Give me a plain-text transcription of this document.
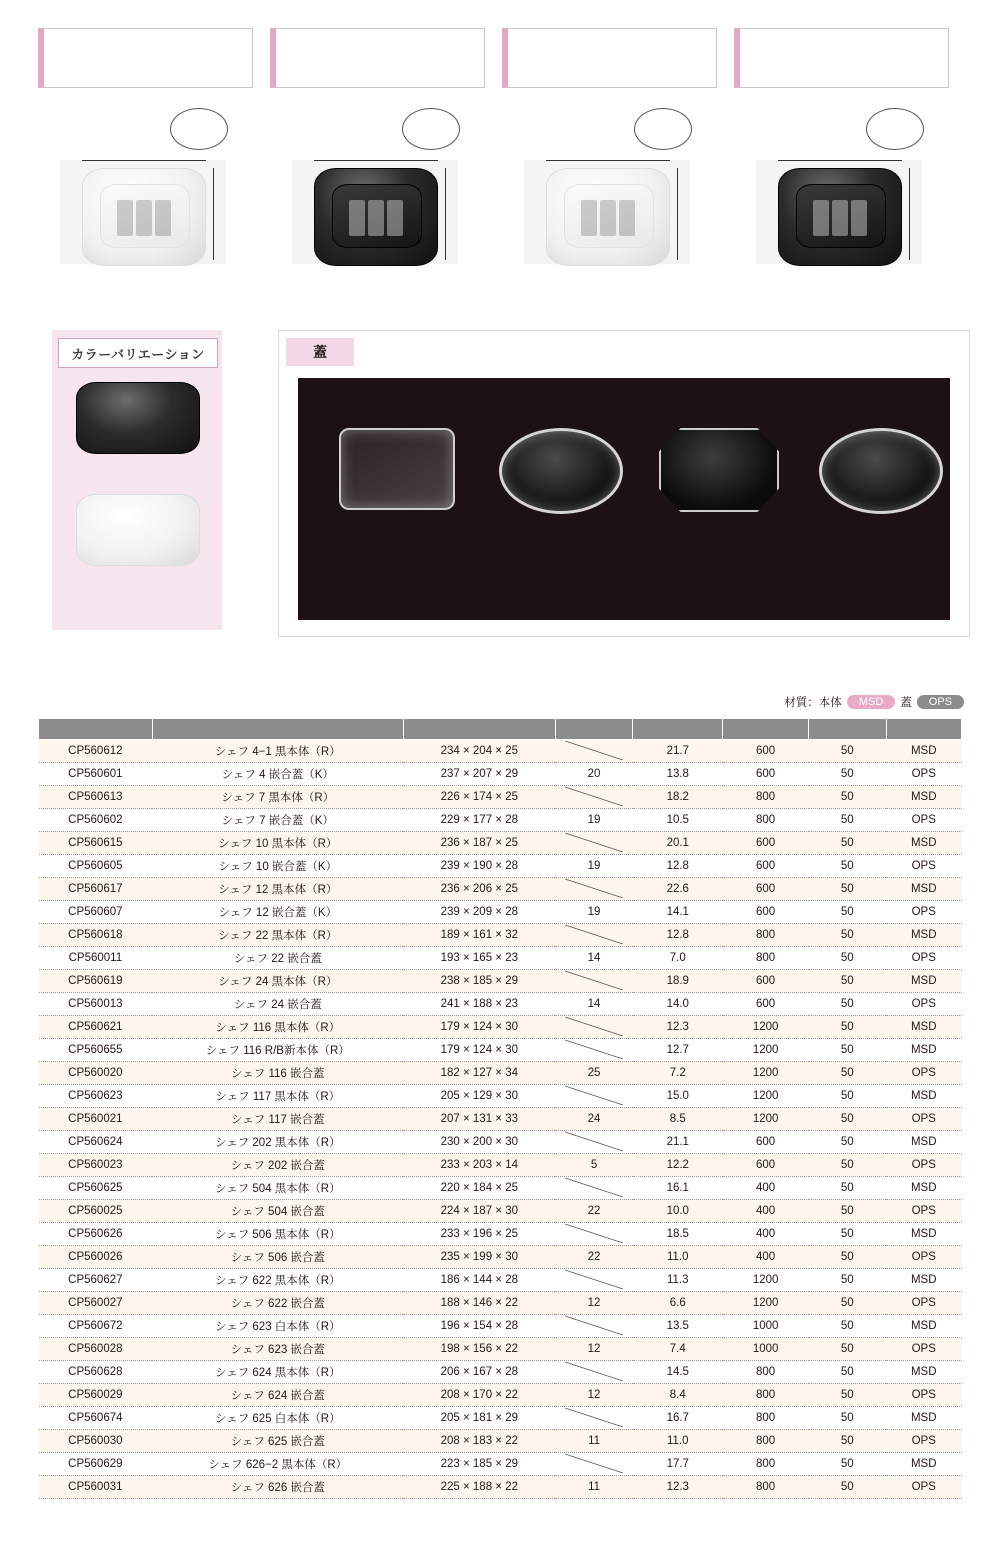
カラーバリエーション	蓋
材質：本体	MSD	蓋	OPS

CP560612	シェフ 4−1 黒本体（R）	234 × 204 × 25		21.7	600	50	MSD
CP560601	シェフ 4 嵌合蓋（K）	237 × 207 × 29	20	13.8	600	50	OPS
CP560613	シェフ 7 黒本体（R）	226 × 174 × 25		18.2	800	50	MSD
CP560602	シェフ 7 嵌合蓋（K）	229 × 177 × 28	19	10.5	800	50	OPS
CP560615	シェフ 10 黒本体（R）	236 × 187 × 25		20.1	600	50	MSD
CP560605	シェフ 10 嵌合蓋（K）	239 × 190 × 28	19	12.8	600	50	OPS
CP560617	シェフ 12 黒本体（R）	236 × 206 × 25		22.6	600	50	MSD
CP560607	シェフ 12 嵌合蓋（K）	239 × 209 × 28	19	14.1	600	50	OPS
CP560618	シェフ 22 黒本体（R）	189 × 161 × 32		12.8	800	50	MSD
CP560011	シェフ 22 嵌合蓋	193 × 165 × 23	14	7.0	800	50	OPS
CP560619	シェフ 24 黒本体（R）	238 × 185 × 29		18.9	600	50	MSD
CP560013	シェフ 24 嵌合蓋	241 × 188 × 23	14	14.0	600	50	OPS
CP560621	シェフ 116 黒本体（R）	179 × 124 × 30		12.3	1200	50	MSD
CP560655	シェフ 116 R/B新本体（R）	179 × 124 × 30		12.7	1200	50	MSD
CP560020	シェフ 116 嵌合蓋	182 × 127 × 34	25	7.2	1200	50	OPS
CP560623	シェフ 117 黒本体（R）	205 × 129 × 30		15.0	1200	50	MSD
CP560021	シェフ 117 嵌合蓋	207 × 131 × 33	24	8.5	1200	50	OPS
CP560624	シェフ 202 黒本体（R）	230 × 200 × 30		21.1	600	50	MSD
CP560023	シェフ 202 嵌合蓋	233 × 203 × 14	5	12.2	600	50	OPS
CP560625	シェフ 504 黒本体（R）	220 × 184 × 25		16.1	400	50	MSD
CP560025	シェフ 504 嵌合蓋	224 × 187 × 30	22	10.0	400	50	OPS
CP560626	シェフ 506 黒本体（R）	233 × 196 × 25		18.5	400	50	MSD
CP560026	シェフ 506 嵌合蓋	235 × 199 × 30	22	11.0	400	50	OPS
CP560627	シェフ 622 黒本体（R）	186 × 144 × 28		11.3	1200	50	MSD
CP560027	シェフ 622 嵌合蓋	188 × 146 × 22	12	6.6	1200	50	OPS
CP560672	シェフ 623 白本体（R）	196 × 154 × 28		13.5	1000	50	MSD
CP560028	シェフ 623 嵌合蓋	198 × 156 × 22	12	7.4	1000	50	OPS
CP560628	シェフ 624 黒本体（R）	206 × 167 × 28		14.5	800	50	MSD
CP560029	シェフ 624 嵌合蓋	208 × 170 × 22	12	8.4	800	50	OPS
CP560674	シェフ 625 白本体（R）	205 × 181 × 29		16.7	800	50	MSD
CP560030	シェフ 625 嵌合蓋	208 × 183 × 22	11	11.0	800	50	OPS
CP560629	シェフ 626−2 黒本体（R）	223 × 185 × 29		17.7	800	50	MSD
CP560031	シェフ 626 嵌合蓋	225 × 188 × 22	11	12.3	800	50	OPS
